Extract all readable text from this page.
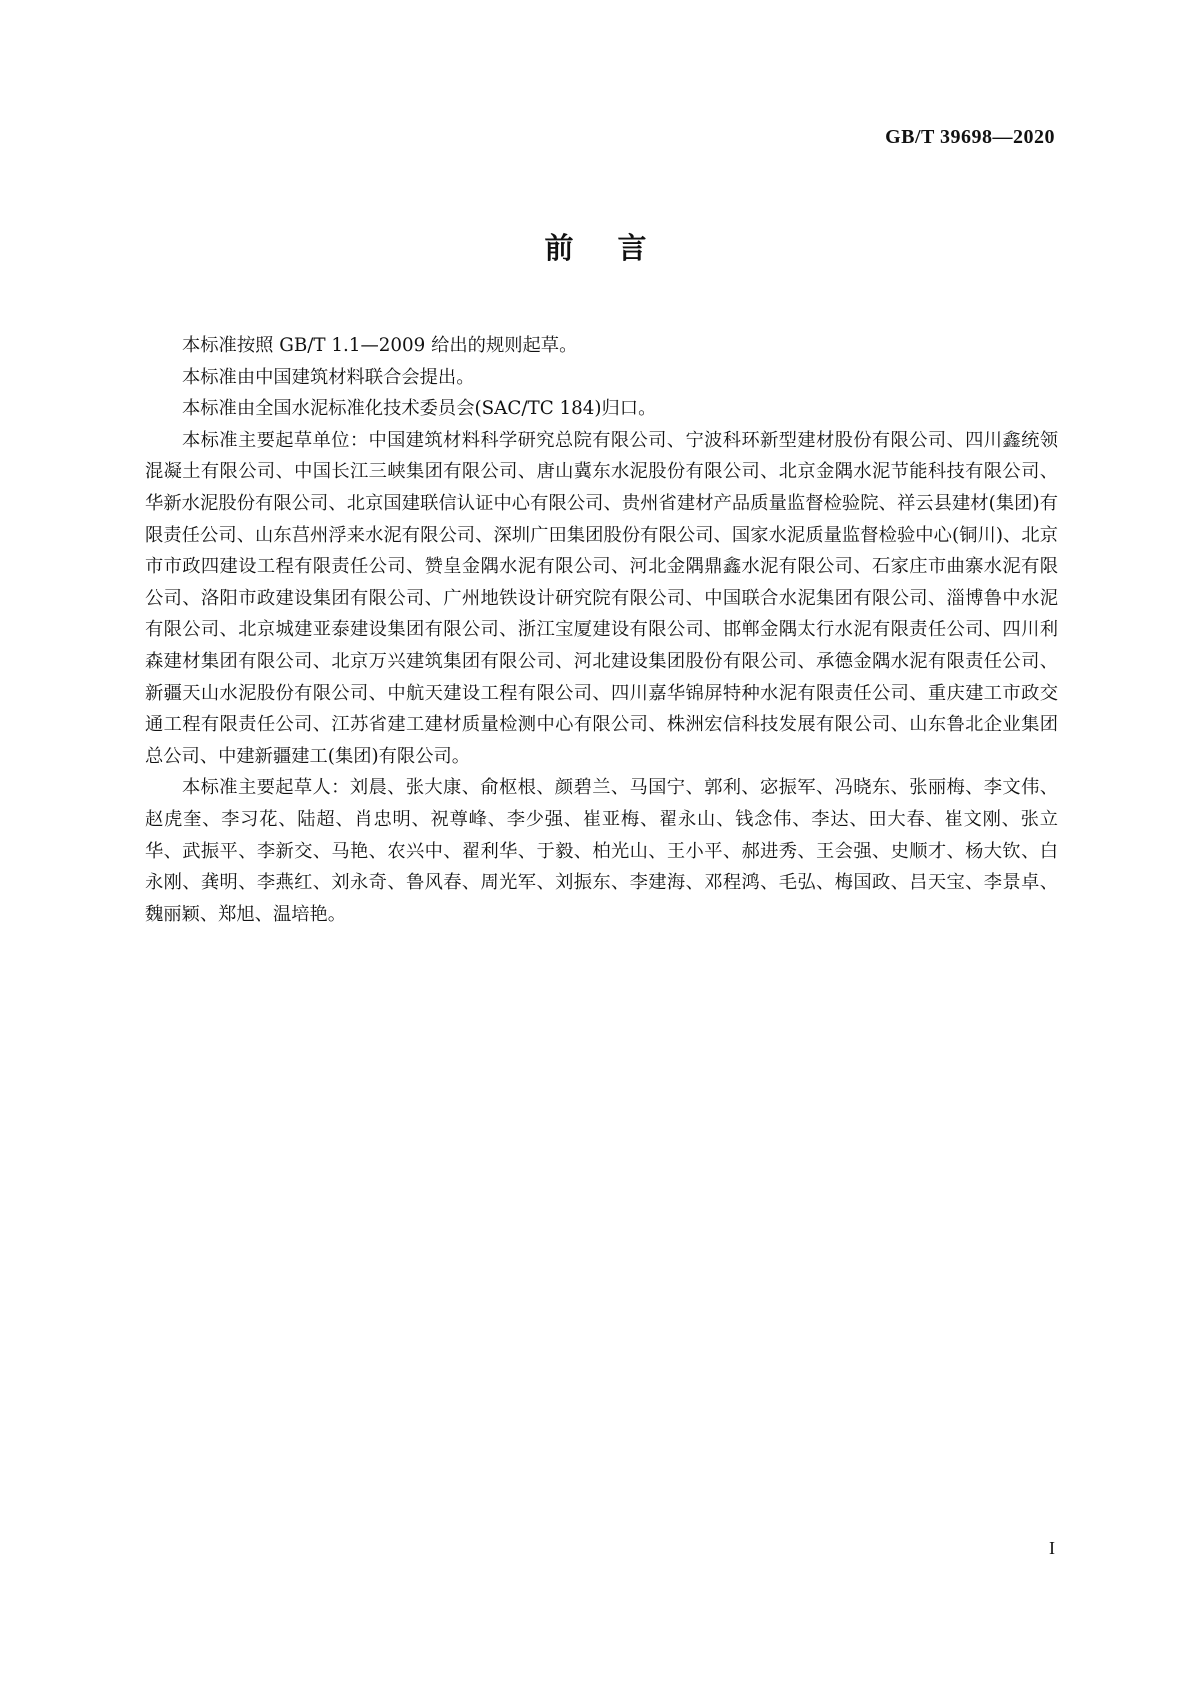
GB/T 39698—2020
前言

本标准按照 GB/T 1.1—2009 给出的规则起草。

本标准由中国建筑材料联合会提出。

本标准由全国水泥标准化技术委员会(SAC/TC 184)归口。

本标准主要起草单位：中国建筑材料科学研究总院有限公司、宁波科环新型建材股份有限公司、四川鑫统领混凝土有限公司、中国长江三峡集团有限公司、唐山冀东水泥股份有限公司、北京金隅水泥节能科技有限公司、华新水泥股份有限公司、北京国建联信认证中心有限公司、贵州省建材产品质量监督检验院、祥云县建材(集团)有限责任公司、山东莒州浮来水泥有限公司、深圳广田集团股份有限公司、国家水泥质量监督检验中心(铜川)、北京市市政四建设工程有限责任公司、赞皇金隅水泥有限公司、河北金隅鼎鑫水泥有限公司、石家庄市曲寨水泥有限公司、洛阳市政建设集团有限公司、广州地铁设计研究院有限公司、中国联合水泥集团有限公司、淄博鲁中水泥有限公司、北京城建亚泰建设集团有限公司、浙江宝厦建设有限公司、邯郸金隅太行水泥有限责任公司、四川利森建材集团有限公司、北京万兴建筑集团有限公司、河北建设集团股份有限公司、承德金隅水泥有限责任公司、新疆天山水泥股份有限公司、中航天建设工程有限公司、四川嘉华锦屏特种水泥有限责任公司、重庆建工市政交通工程有限责任公司、江苏省建工建材质量检测中心有限公司、株洲宏信科技发展有限公司、山东鲁北企业集团总公司、中建新疆建工(集团)有限公司。

本标准主要起草人：刘晨、张大康、俞枢根、颜碧兰、马国宁、郭利、宓振军、冯晓东、张丽梅、李文伟、赵虎奎、李习花、陆超、肖忠明、祝尊峰、李少强、崔亚梅、翟永山、钱念伟、李达、田大春、崔文刚、张立华、武振平、李新交、马艳、农兴中、翟利华、于毅、柏光山、王小平、郝进秀、王会强、史顺才、杨大钦、白永刚、龚明、李燕红、刘永奇、鲁风春、周光军、刘振东、李建海、邓程鸿、毛弘、梅国政、吕天宝、李景卓、魏丽颖、郑旭、温培艳。

I
